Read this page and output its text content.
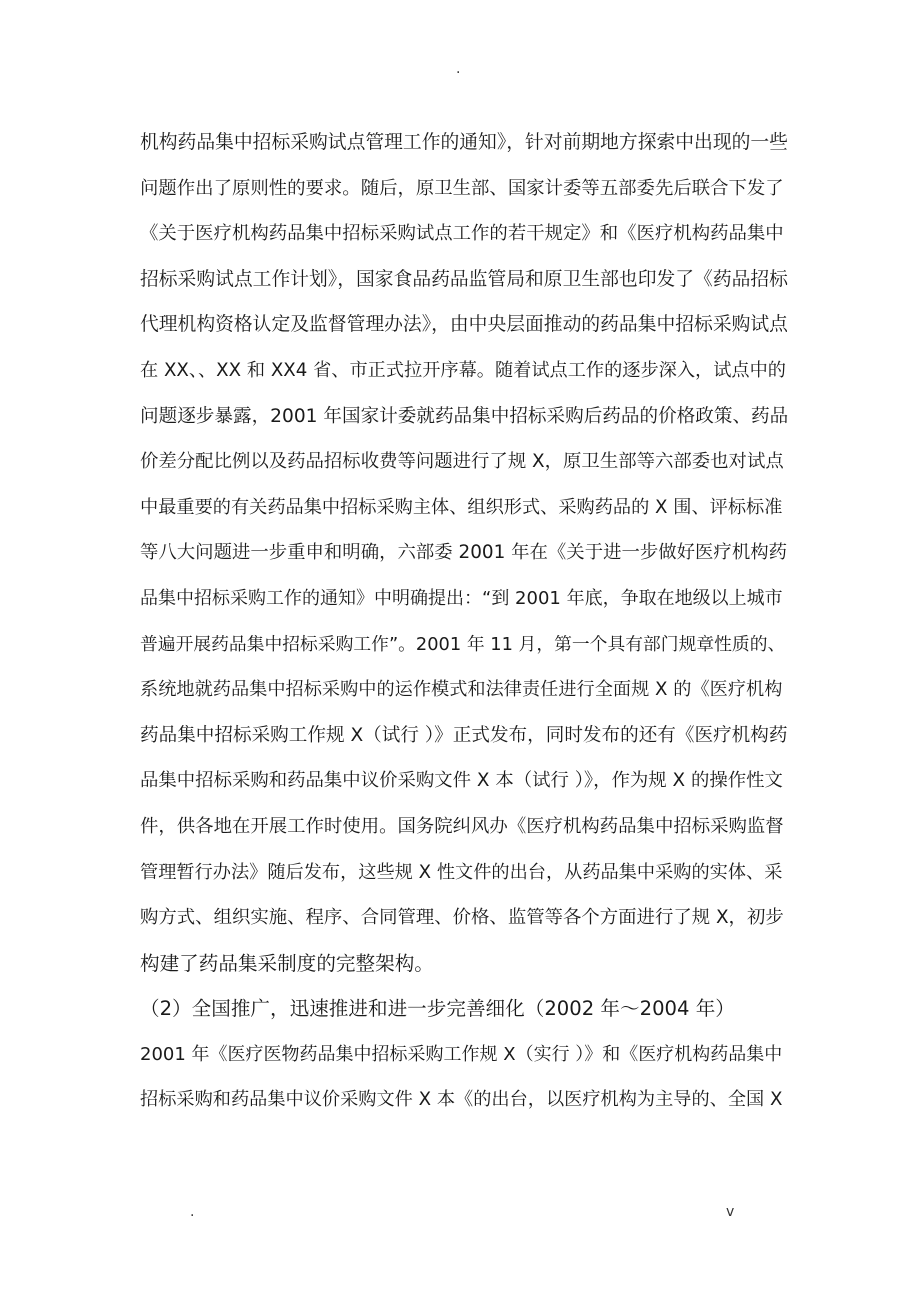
.
机构药品集中招标采购试点管理工作的通知》，针对前期地方探索中出现的一些
问题作出了原则性的要求。随后，原卫生部、国家计委等五部委先后联合下发了
《关于医疗机构药品集中招标采购试点工作的若干规定》和《医疗机构药品集中
招标采购试点工作计划》，国家食品药品监管局和原卫生部也印发了《药品招标
代理机构资格认定及监督管理办法》，由中央层面推动的药品集中招标采购试点
在 XX、、XX 和 XX4 省、市正式拉开序幕。随着试点工作的逐步深入，试点中的
问题逐步暴露，2001 年国家计委就药品集中招标采购后药品的价格政策、药品
价差分配比例以及药品招标收费等问题进行了规 X，原卫生部等六部委也对试点
中最重要的有关药品集中招标采购主体、组织形式、采购药品的 X 围、评标标准
等八大问题进一步重申和明确，六部委 2001 年在《关于进一步做好医疗机构药
品集中招标采购工作的通知》中明确提出：“到 2001 年底，争取在地级以上城市
普遍开展药品集中招标采购工作”。2001 年 11 月，第一个具有部门规章性质的、
系统地就药品集中招标采购中的运作模式和法律责任进行全面规 X 的《医疗机构
药品集中招标采购工作规 X（试行 ）》正式发布，同时发布的还有《医疗机构药
品集中招标采购和药品集中议价采购文件 X 本（试行 ）》，作为规 X 的操作性文
件，供各地在开展工作时使用。国务院纠风办《医疗机构药品集中招标采购监督
管理暂行办法》随后发布，这些规 X 性文件的出台，从药品集中采购的实体、采
购方式、组织实施、程序、合同管理、价格、监管等各个方面进行了规 X，初步
构建了药品集采制度的完整架构。
（2）全国推广，迅速推进和进一步完善细化（2002 年〜2004 年）
2001 年《医疗医物药品集中招标采购工作规 X（实行 ）》和《医疗机构药品集中
招标采购和药品集中议价采购文件 X 本《的出台，以医疗机构为主导的、全国 X
.	v
